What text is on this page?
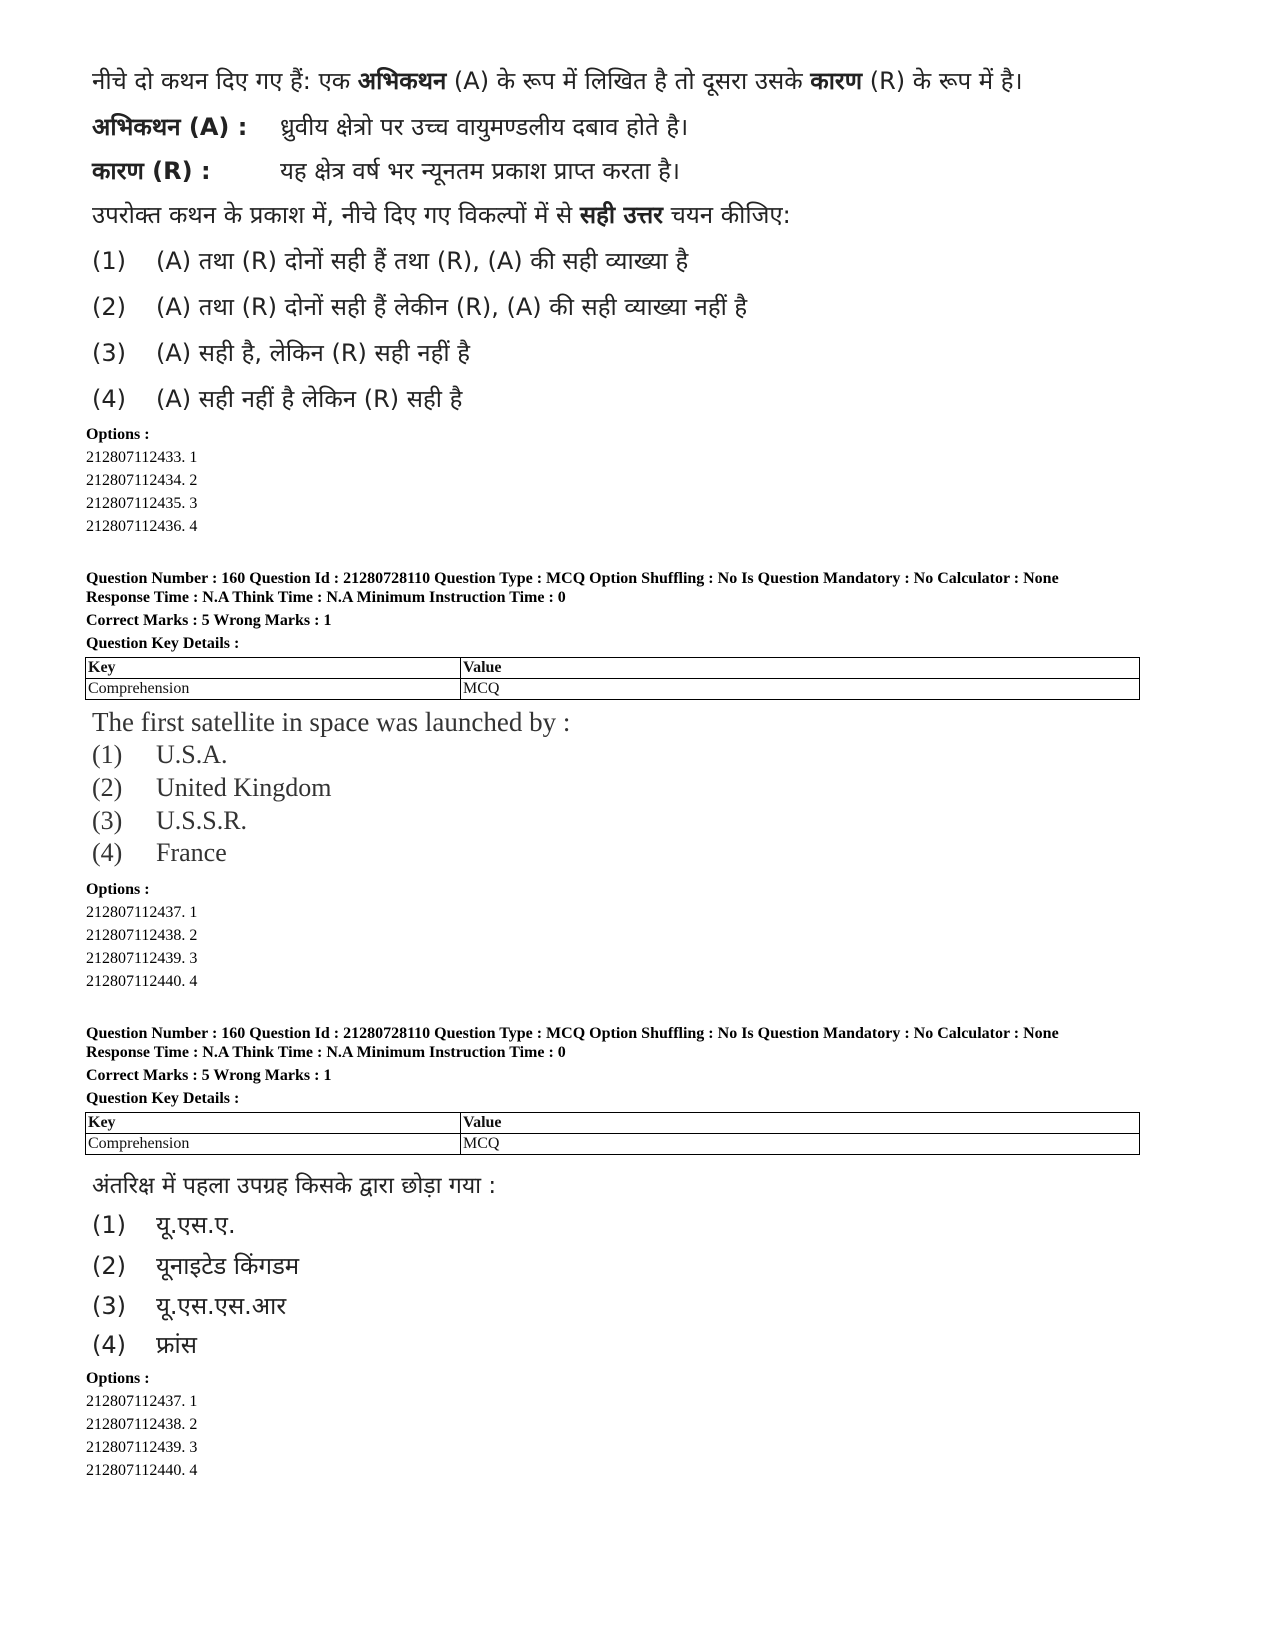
नीचे दो कथन दिए गए हैं: एक अभिकथन (A) के रूप में लिखित है तो दूसरा उसके कारण (R) के रूप में है।
अभिकथन (A) : ध्रुवीय क्षेत्रो पर उच्च वायुमण्डलीय दबाव होते है।
कारण (R) :	यह क्षेत्र वर्ष भर न्यूनतम प्रकाश प्राप्त करता है।
उपरोक्त कथन के प्रकाश में, नीचे दिए गए विकल्पों में से सही उत्तर चयन कीजिए:
(1) (A) तथा (R) दोनों सही हैं तथा (R), (A) की सही व्याख्या है
(2) (A) तथा (R) दोनों सही हैं लेकीन (R), (A) की सही व्याख्या नहीं है
(3) (A) सही है, लेकिन (R) सही नहीं है
(4) (A) सही नहीं है लेकिन (R) सही है
Options :
212807112433. 1
212807112434. 2
212807112435. 3
212807112436. 4
Question Number : 160 Question Id : 21280728110 Question Type : MCQ Option Shuffling : No Is Question Mandatory : No Calculator : None
Response Time : N.A Think Time : N.A Minimum Instruction Time : 0
Correct Marks : 5 Wrong Marks : 1
Question Key Details :
Key	Value
Comprehension	MCQ
The first satellite in space was launched by :
(1) U.S.A.
(2) United Kingdom
(3) U.S.S.R.
(4) France
Options :
212807112437. 1
212807112438. 2
212807112439. 3
212807112440. 4
Question Number : 160 Question Id : 21280728110 Question Type : MCQ Option Shuffling : No Is Question Mandatory : No Calculator : None
Response Time : N.A Think Time : N.A Minimum Instruction Time : 0
Correct Marks : 5 Wrong Marks : 1
Question Key Details :
Key	Value
Comprehension	MCQ
अंतरिक्ष में पहला उपग्रह किसके द्वारा छोड़ा गया :
(1) यू.एस.ए.
(2) यूनाइटेड किंगडम
(3) यू.एस.एस.आर
(4) फ्रांस
Options :
212807112437. 1
212807112438. 2
212807112439. 3
212807112440. 4
